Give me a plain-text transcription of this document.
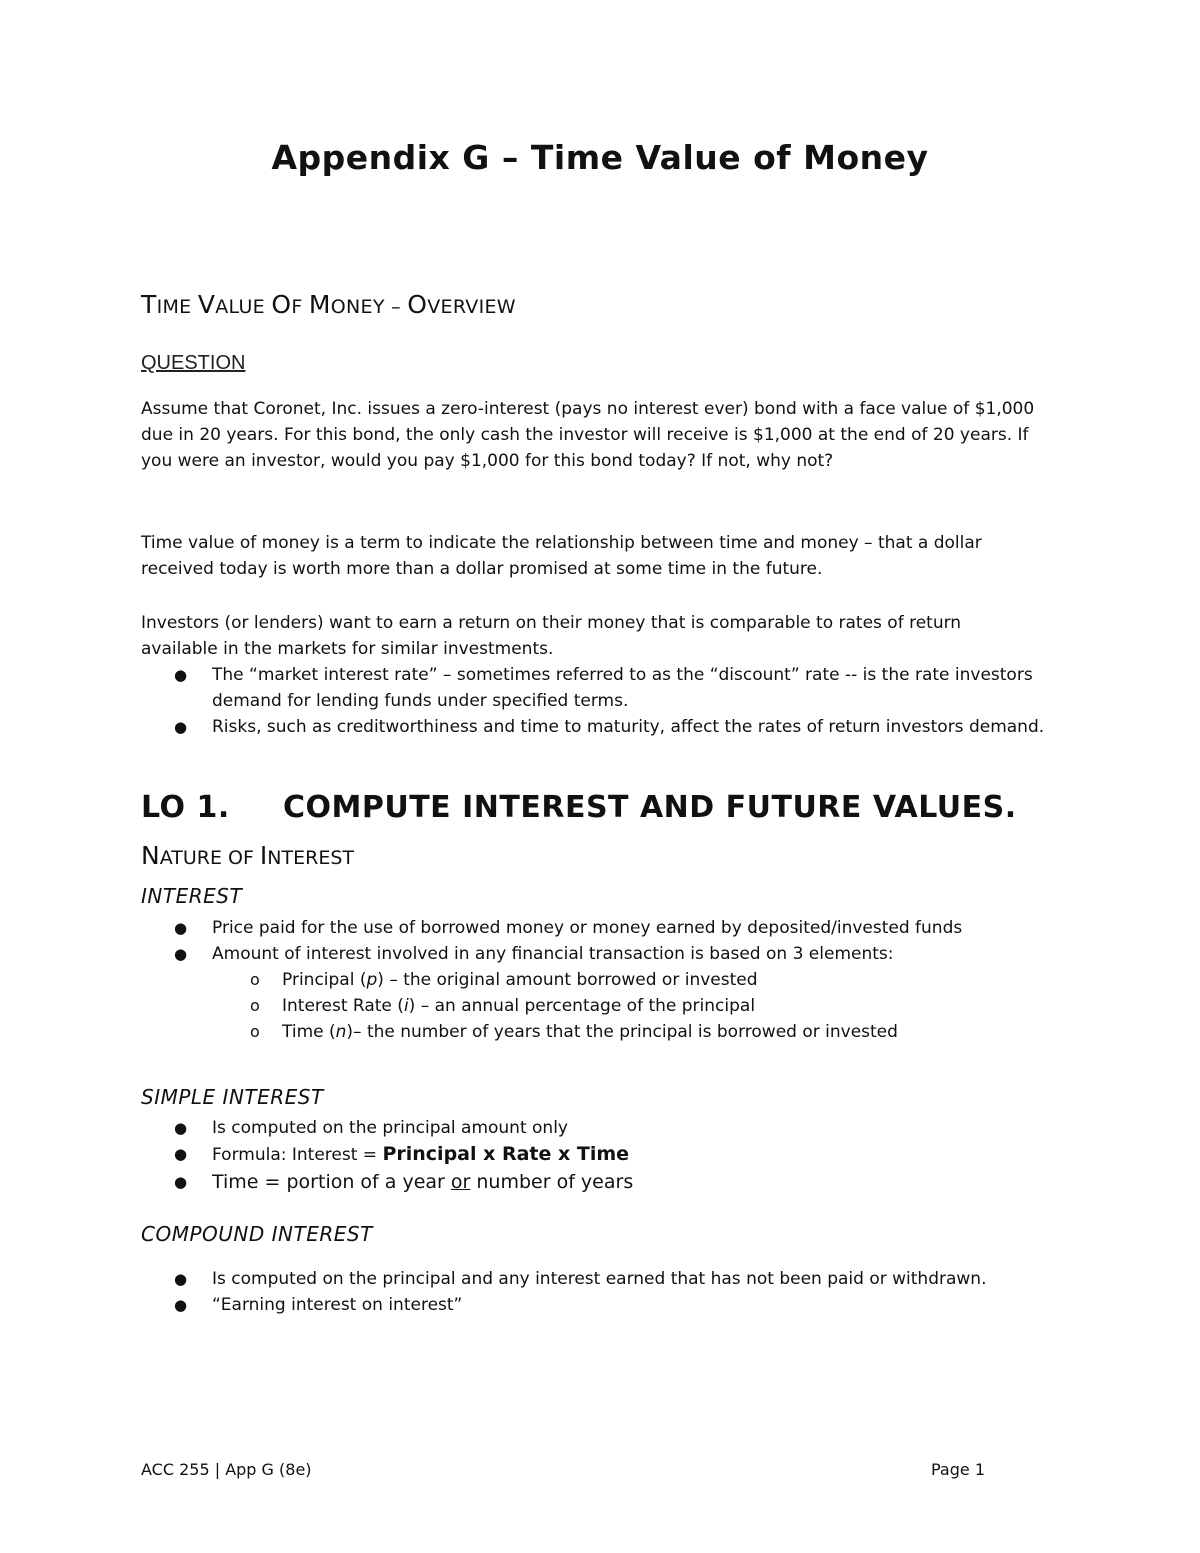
Appendix G – Time Value of Money
TIME VALUE OF MONEY – OVERVIEW
QUESTION
Assume that Coronet, Inc. issues a zero-interest (pays no interest ever) bond with a face value of $1,000
due in 20 years. For this bond, the only cash the investor will receive is $1,000 at the end of 20 years. If
you were an investor, would you pay $1,000 for this bond today? If not, why not?
Time value of money is a term to indicate the relationship between time and money – that a dollar
received today is worth more than a dollar promised at some time in the future.
Investors (or lenders) want to earn a return on their money that is comparable to rates of return
available in the markets for similar investments.
● The “market interest rate” – sometimes referred to as the “discount” rate -- is the rate investors
demand for lending funds under specified terms.
● Risks, such as creditworthiness and time to maturity, affect the rates of return investors demand.
LO 1. COMPUTE INTEREST AND FUTURE VALUES.
NATURE OF INTEREST
INTEREST
● Price paid for the use of borrowed money or money earned by deposited/invested funds
● Amount of interest involved in any financial transaction is based on 3 elements:
o Principal (p) – the original amount borrowed or invested
o Interest Rate (i) – an annual percentage of the principal
o Time (n)– the number of years that the principal is borrowed or invested
SIMPLE INTEREST
● Is computed on the principal amount only
● Formula: Interest = Principal x Rate x Time
● Time = portion of a year or number of years
COMPOUND INTEREST
● Is computed on the principal and any interest earned that has not been paid or withdrawn.
● “Earning interest on interest”
ACC 255 | App G (8e)	Page 1
